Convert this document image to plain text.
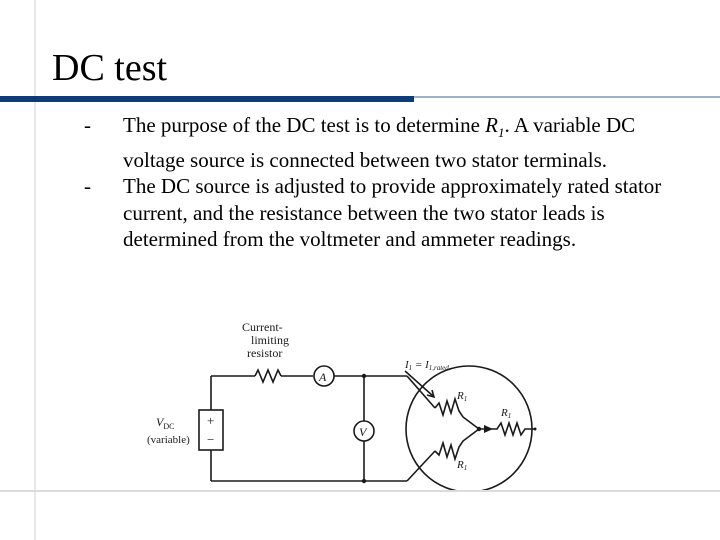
DC test
- The purpose of the DC test is to determine $R_1$. A variable DC voltage source is connected between two stator terminals.
- The DC source is adjusted to provide approximately rated stator current, and the resistance between the two stator leads is determined from the voltmeter and ammeter readings.
Current-
limiting
resistor
A
V
+
−
$V_{DC}$
(variable)
I1 = I1,rated
R1
R1
R1
